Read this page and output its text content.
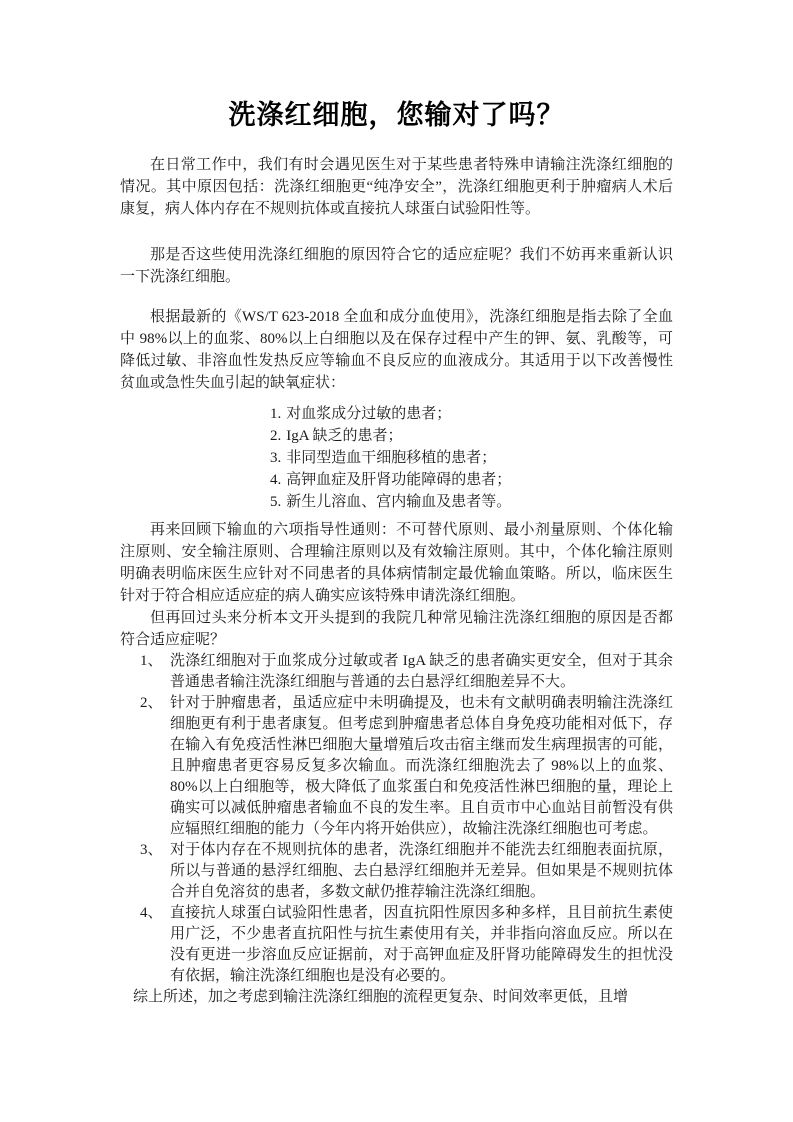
洗涤红细胞，您输对了吗？

在日常工作中，我们有时会遇见医生对于某些患者特殊申请输注洗涤红细胞的情况。其中原因包括：洗涤红细胞更“纯净安全”，洗涤红细胞更利于肿瘤病人术后康复，病人体内存在不规则抗体或直接抗人球蛋白试验阳性等。

那是否这些使用洗涤红细胞的原因符合它的适应症呢？我们不妨再来重新认识一下洗涤红细胞。

根据最新的《WS/T 623-2018 全血和成分血使用》，洗涤红细胞是指去除了全血中 98%以上的血浆、80%以上白细胞以及在保存过程中产生的钾、氨、乳酸等，可降低过敏、非溶血性发热反应等输血不良反应的血液成分。其适用于以下改善慢性贫血或急性失血引起的缺氧症状：

1. 对血浆成分过敏的患者；
2. IgA 缺乏的患者；
3. 非同型造血干细胞移植的患者；
4. 高钾血症及肝肾功能障碍的患者；
5. 新生儿溶血、宫内输血及患者等。

再来回顾下输血的六项指导性通则：不可替代原则、最小剂量原则、个体化输注原则、安全输注原则、合理输注原则以及有效输注原则。其中，个体化输注原则明确表明临床医生应针对不同患者的具体病情制定最优输血策略。所以，临床医生针对于符合相应适应症的病人确实应该特殊申请洗涤红细胞。

但再回过头来分析本文开头提到的我院几种常见输注洗涤红细胞的原因是否都符合适应症呢？

1、 洗涤红细胞对于血浆成分过敏或者 IgA 缺乏的患者确实更安全，但对于其余普通患者输注洗涤红细胞与普通的去白悬浮红细胞差异不大。
2、 针对于肿瘤患者，虽适应症中未明确提及，也未有文献明确表明输注洗涤红细胞更有利于患者康复。但考虑到肿瘤患者总体自身免疫功能相对低下，存在输入有免疫活性淋巴细胞大量增殖后攻击宿主继而发生病理损害的可能，且肿瘤患者更容易反复多次输血。而洗涤红细胞洗去了 98%以上的血浆、80%以上白细胞等，极大降低了血浆蛋白和免疫活性淋巴细胞的量，理论上确实可以减低肿瘤患者输血不良的发生率。且自贡市中心血站目前暂没有供应辐照红细胞的能力（今年内将开始供应），故输注洗涤红细胞也可考虑。
3、 对于体内存在不规则抗体的患者，洗涤红细胞并不能洗去红细胞表面抗原，所以与普通的悬浮红细胞、去白悬浮红细胞并无差异。但如果是不规则抗体合并自免溶贫的患者，多数文献仍推荐输注洗涤红细胞。
4、 直接抗人球蛋白试验阳性患者，因直抗阳性原因多种多样，且目前抗生素使用广泛，不少患者直抗阳性与抗生素使用有关，并非指向溶血反应。所以在没有更进一步溶血反应证据前，对于高钾血症及肝肾功能障碍发生的担忧没有依据，输注洗涤红细胞也是没有必要的。

综上所述，加之考虑到输注洗涤红细胞的流程更复杂、时间效率更低，且增
